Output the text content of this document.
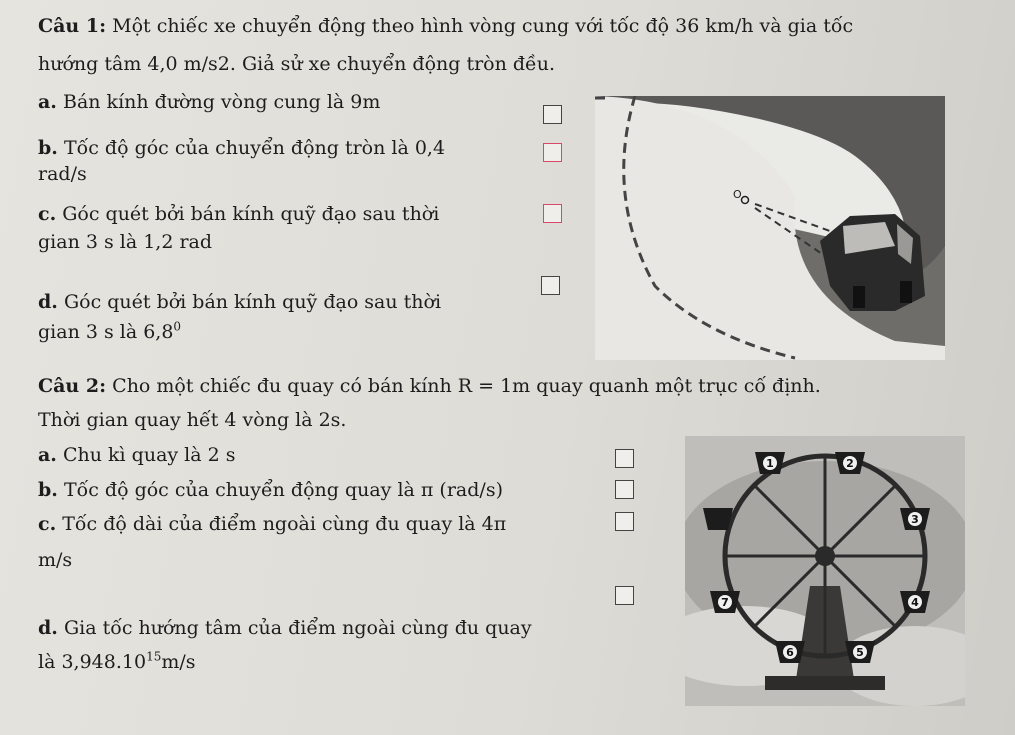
Câu 1: Một chiếc xe chuyển động theo hình vòng cung với tốc độ 36 km/h và gia tốc
hướng tâm 4,0 m/s2. Giả sử xe chuyển động tròn đều.
a. Bán kính đường vòng cung là 9m
b. Tốc độ góc của chuyển động tròn là 0,4
rad/s
c. Góc quét bởi bán kính quỹ đạo sau thời
gian 3 s là 1,2 rad
d. Góc quét bởi bán kính quỹ đạo sau thời
gian 3 s là $6,8^0$
O
Câu 2: Cho một chiếc đu quay có bán kính R = 1m quay quanh một trục cố định.
Thời gian quay hết 4 vòng là 2s.
a. Chu kì quay là 2 s
b. Tốc độ góc của chuyển động quay là π (rad/s)
c. Tốc độ dài của điểm ngoài cùng đu quay là 4π
m/s
d. Gia tốc hướng tâm của điểm ngoài cùng đu quay
là 3,948.10$^{15}$m/s
1	2
3
4
5
6
7
